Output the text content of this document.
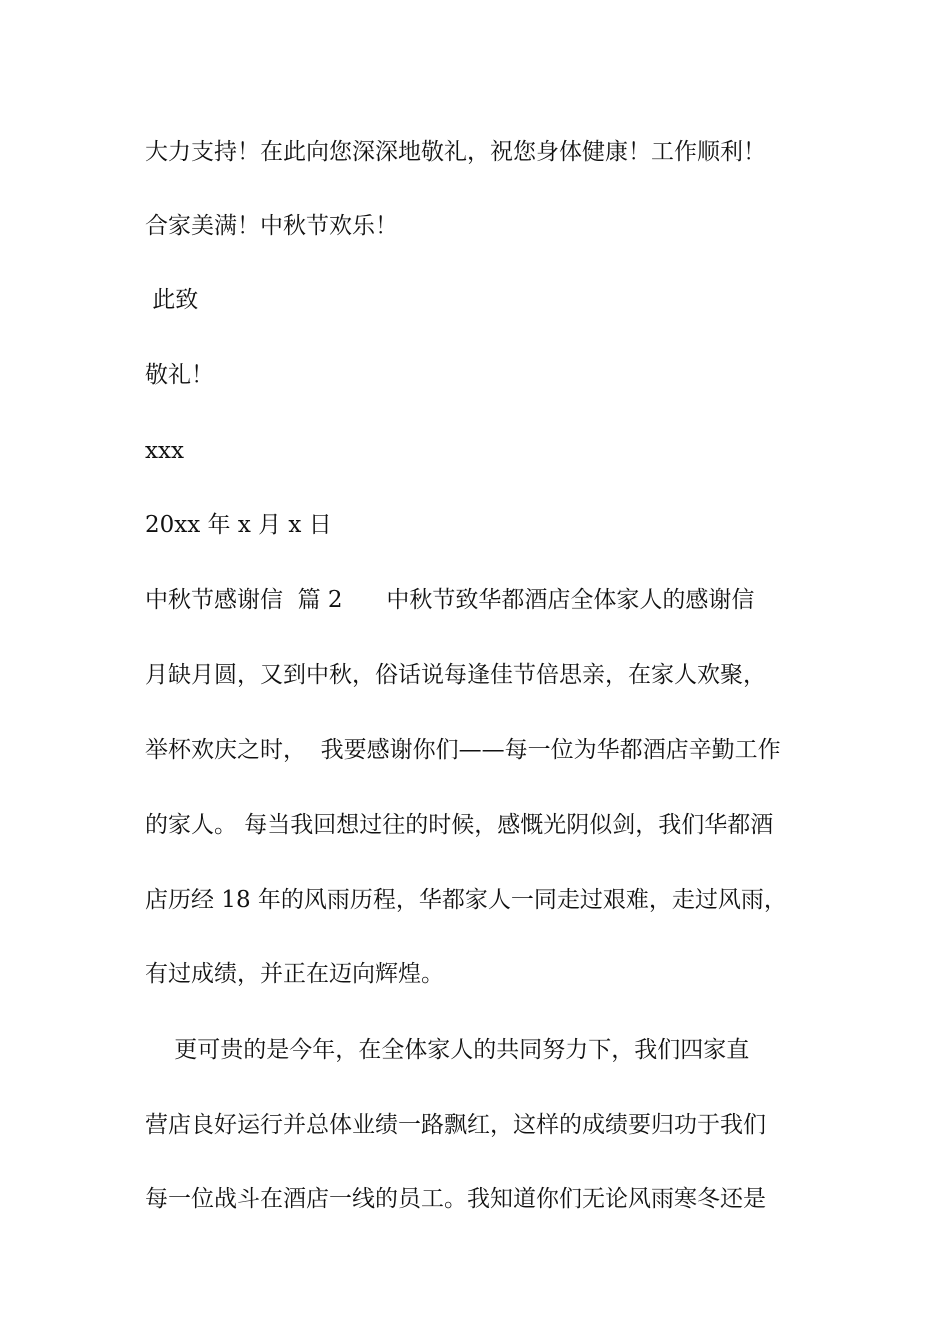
大力支持！在此向您深深地敬礼，祝您身体健康！工作顺利！
合家美满！中秋节欢乐！
此致
敬礼！
xxx
20xx 年 x 月 x 日
中秋节感谢信  篇 2      中秋节致华都酒店全体家人的感谢信
月缺月圆，又到中秋，俗话说每逢佳节倍思亲，在家人欢聚，
举杯欢庆之时，  我要感谢你们——每一位为华都酒店辛勤工作
的家人。 每当我回想过往的时候，感慨光阴似剑，我们华都酒
店历经 18 年的风雨历程，华都家人一同走过艰难，走过风雨，
有过成绩，并正在迈向辉煌。
更可贵的是今年，在全体家人的共同努力下，我们四家直
营店良好运行并总体业绩一路飘红，这样的成绩要归功于我们
每一位战斗在酒店一线的员工。我知道你们无论风雨寒冬还是
